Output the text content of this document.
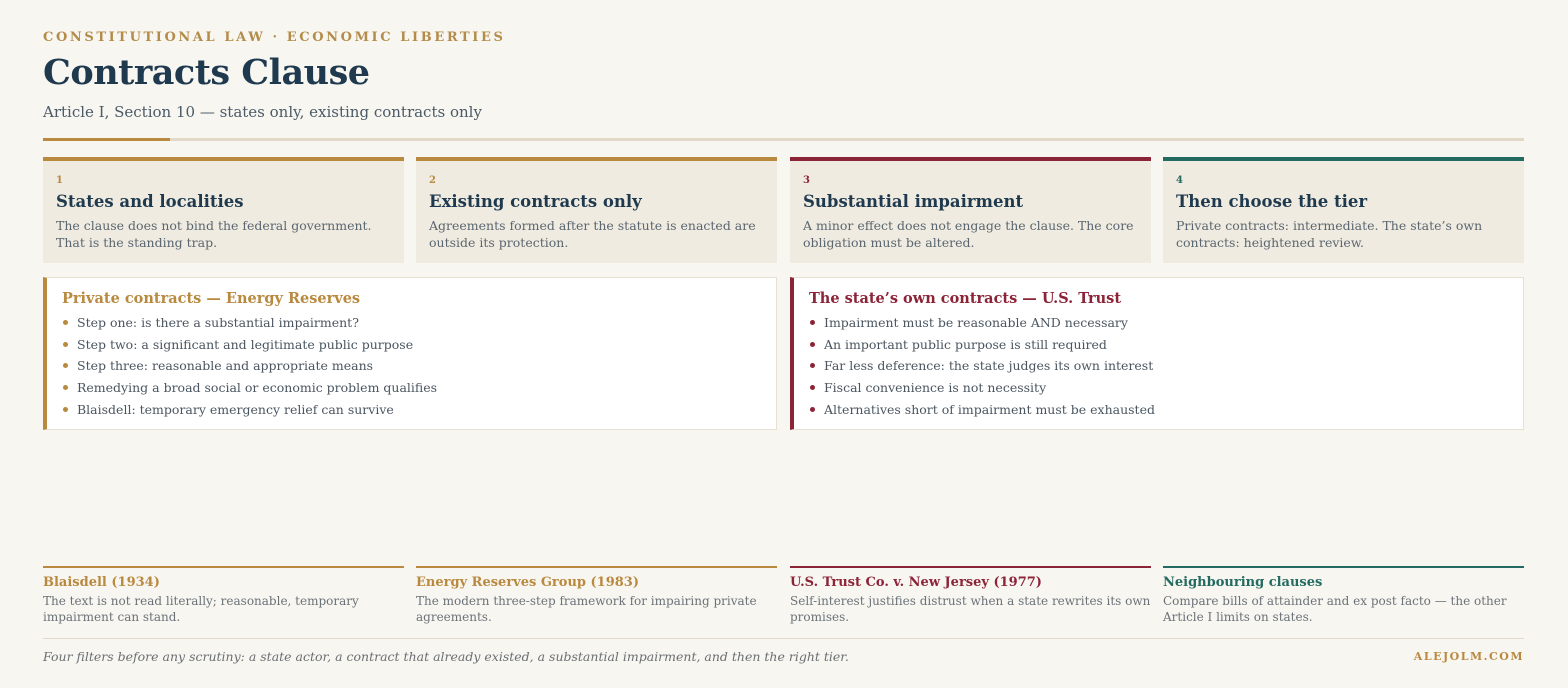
CONSTITUTIONAL LAW · ECONOMIC LIBERTIES
Contracts Clause
Article I, Section 10 — states only, existing contracts only
1
States and localities
The clause does not bind the federal government. That is the standing trap.
2
Existing contracts only
Agreements formed after the statute is enacted are outside its protection.
3
Substantial impairment
A minor effect does not engage the clause. The core obligation must be altered.
4
Then choose the tier
Private contracts: intermediate. The state’s own contracts: heightened review.
Private contracts — Energy Reserves
Step one: is there a substantial impairment?
Step two: a significant and legitimate public purpose
Step three: reasonable and appropriate means
Remedying a broad social or economic problem qualifies
Blaisdell: temporary emergency relief can survive
The state’s own contracts — U.S. Trust
Impairment must be reasonable AND necessary
An important public purpose is still required
Far less deference: the state judges its own interest
Fiscal convenience is not necessity
Alternatives short of impairment must be exhausted
Blaisdell (1934)
The text is not read literally; reasonable, temporary impairment can stand.
Energy Reserves Group (1983)
The modern three-step framework for impairing private agreements.
U.S. Trust Co. v. New Jersey (1977)
Self-interest justifies distrust when a state rewrites its own promises.
Neighbouring clauses
Compare bills of attainder and ex post facto — the other Article I limits on states.
Four filters before any scrutiny: a state actor, a contract that already existed, a substantial impairment, and then the right tier.	ALEJOLM.COM
